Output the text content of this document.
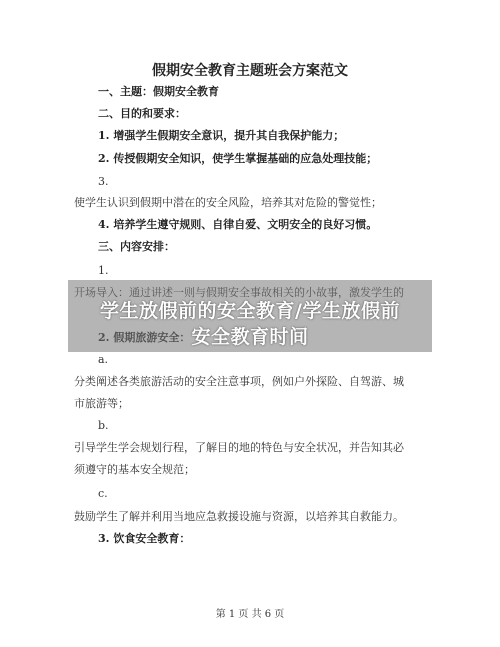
假期安全教育主题班会方案范文
一、主题：假期安全教育
二、目的和要求：
1. 增强学生假期安全意识，提升其自我保护能力；
2. 传授假期安全知识，使学生掌握基础的应急处理技能；
3.
使学生认识到假期中潜在的安全风险，培养其对危险的警觉性；
4. 培养学生遵守规则、自律自爱、文明安全的良好习惯。
三、内容安排：
1.
a.
分类阐述各类旅游活动的安全注意事项，例如户外探险、自驾游、城
市旅游等；
b.
引导学生学会规划行程，了解目的地的特色与安全状况，并告知其必
须遵守的基本安全规范；
c.
鼓励学生了解并利用当地应急救援设施与资源，以培养其自救能力。
3. 饮食安全教育：
第 1 页 共 6 页
学生放假前的安全教育/学生放假前
安全教育时间
